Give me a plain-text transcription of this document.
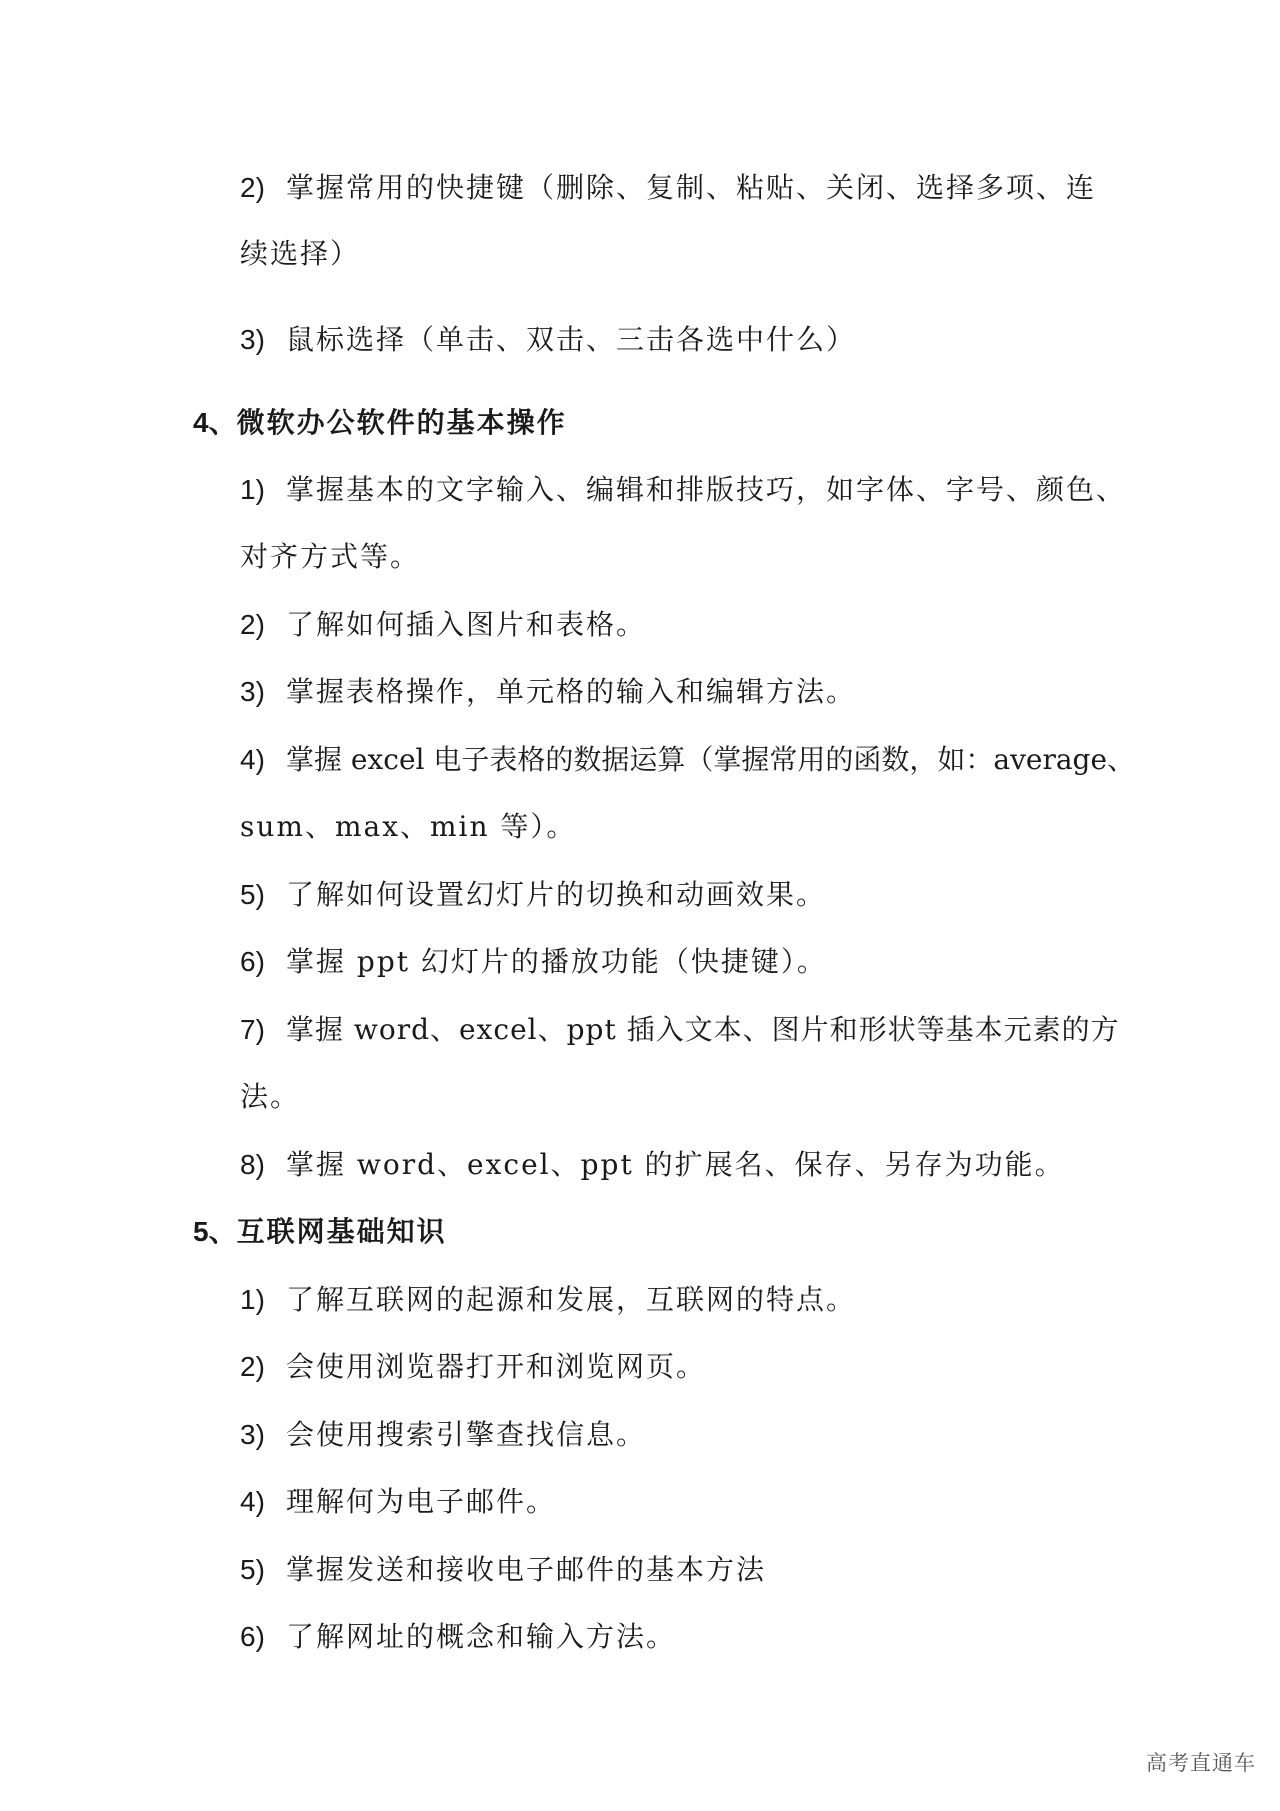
2) 掌握常用的快捷键（删除、复制、粘贴、关闭、选择多项、连
续选择）
3) 鼠标选择（单击、双击、三击各选中什么）
4、微软办公软件的基本操作
1) 掌握基本的文字输入、编辑和排版技巧，如字体、字号、颜色、
对齐方式等。
2) 了解如何插入图片和表格。
3) 掌握表格操作，单元格的输入和编辑方法。
4) 掌握 excel 电子表格的数据运算（掌握常用的函数，如：average、
sum、max、min 等）。
5) 了解如何设置幻灯片的切换和动画效果。
6) 掌握 ppt 幻灯片的播放功能（快捷键）。
7) 掌握 word、excel、ppt 插入文本、图片和形状等基本元素的方
法。
8) 掌握 word、excel、ppt 的扩展名、保存、另存为功能。
5、互联网基础知识
1) 了解互联网的起源和发展，互联网的特点。
2) 会使用浏览器打开和浏览网页。
3) 会使用搜索引擎查找信息。
4) 理解何为电子邮件。
5) 掌握发送和接收电子邮件的基本方法
6) 了解网址的概念和输入方法。
高考直通车
